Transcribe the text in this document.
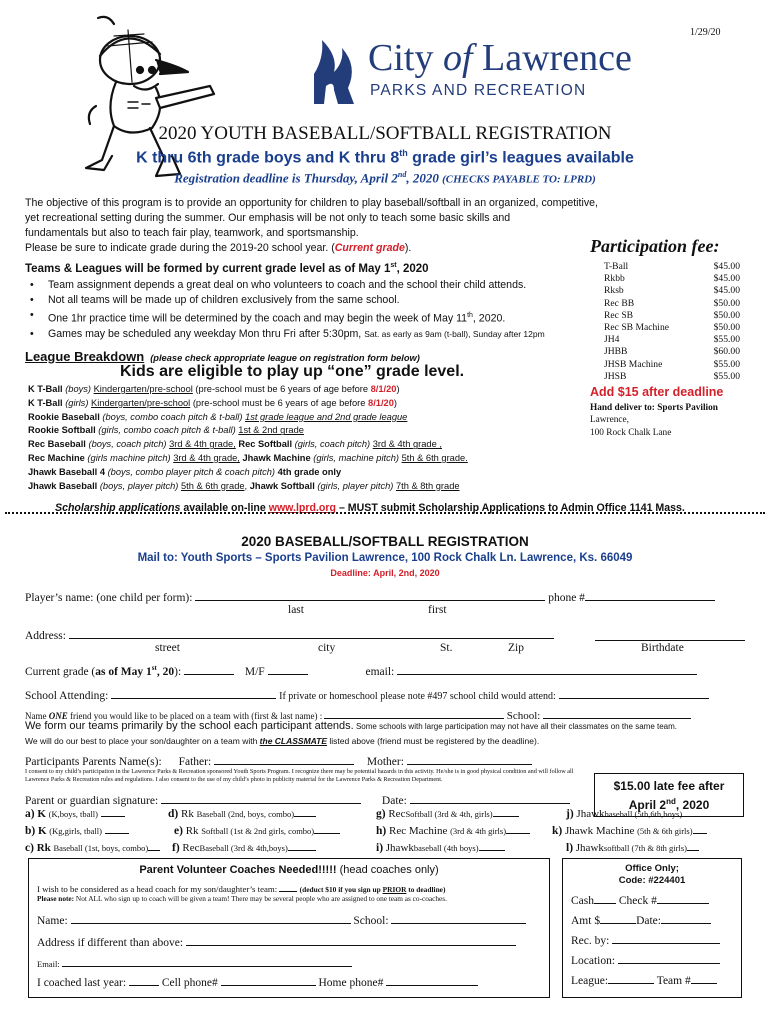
1/29/20
City of Lawrence
PARKS AND RECREATION
2020 YOUTH BASEBALL/SOFTBALL REGISTRATION
K thru 6th grade boys and K thru 8th grade girl’s leagues available
Registration deadline is Thursday, April 2nd, 2020 (CHECKS PAYABLE TO: LPRD)

The objective of this program is to provide an opportunity for children to play baseball/softball in an organized, competitive,

yet recreational setting during the summer. Our emphasis will be not only to teach some basic skills and

fundamentals but also to teach fair play, teamwork, and sportsmanship.

Please be sure to indicate grade during the 2019-20 school year. (Current grade).	Participation fee:
T-Ball	$45.00
Rkbb	$45.00
Rksb	$45.00
Rec BB	$50.00
Rec SB	$50.00
Rec SB Machine	$50.00
JH4	$55.00
JHBB	$60.00
JHSB Machine	$55.00
JHSB	$55.00
Add $15 after deadline
Hand deliver to: Sports Pavilion
Lawrence,
100 Rock Chalk Lane
Teams & Leagues will be formed by current grade level as of May 1st, 2020
• Team assignment depends a great deal on who volunteers to coach and the school their child attends.
• Not all teams will be made up of children exclusively from the same school.
• One 1hr practice time will be determined by the coach and may begin the week of May 11th, 2020.
• Games may be scheduled any weekday Mon thru Fri after 5:30pm, Sat. as early as 9am (t-ball), Sunday after 12pm
League Breakdown (please check appropriate league on registration form below)
Kids are eligible to play up “one” grade level.
K T-Ball (boys) Kindergarten/pre-school (pre-school must be 6 years of age before 8/1/20)
K T-Ball (girls) Kindergarten/pre-school (pre-school must be 6 years of age before 8/1/20)
Rookie Baseball (boys, combo coach pitch & t-ball) 1st grade league and 2nd grade league
Rookie Softball (girls, combo coach pitch & t-ball) 1st & 2nd grade
Rec Baseball (boys, coach pitch) 3rd & 4th grade, Rec Softball (girls, coach pitch) 3rd & 4th grade ,
Rec Machine (girls machine pitch) 3rd & 4th grade, Jhawk Machine (girls, machine pitch) 5th & 6th grade.
Jhawk Baseball 4 (boys, combo player pitch & coach pitch) 4th grade only
Jhawk Baseball (boys, player pitch) 5th & 6th grade, Jhawk Softball (girls, player pitch) 7th & 8th grade
Scholarship applications available on-line www.lprd.org – MUST submit Scholarship Applications to Admin Office 1141 Mass.
2020 BASEBALL/SOFTBALL REGISTRATION
Mail to: Youth Sports – Sports Pavilion Lawrence, 100 Rock Chalk Ln. Lawrence, Ks. 66049
Deadline: April, 2nd, 2020
Player’s name: (one child per form):	phone #
last	first
Address:
street	city	St.	Zip	Birthdate
Current grade (as of May 1st, 20):	M/F	email:
School Attending:	If private or homeschool please note #497 school child would attend:
Name ONE friend you would like to be placed on a team with (first & last name) :	School:
We form our teams primarily by the school each participant attends. Some schools with large participation may not have all their classmates on the same team.
We will do our best to place your son/daughter on a team with the CLASSMATE listed above (friend must be registered by the deadline).
Participants Parents Name(s): Father:	Mother:
I consent to my child’s participation in the Lawrence Parks & Recreation sponsored Youth Sports Program. I recognize there may be potential hazards in this activity. He/she is in good physical condition and will follow all
Lawrence Parks & Recreation rules and regulations. I also consent to the use of my child’s photo in publicity material for the Lawrence Parks & Recreation Department.	$15.00 late fee after
April 2nd, 2020
Parent or guardian signature:	Date:
a) K (K,boys, tball)
b) K (Kg,girls, tball)
c) Rk Baseball (1st, boys, combo)
d) Rk Baseball (2nd, boys, combo)
e) Rk Softball (1st & 2nd girls, combo)
f) RecBaseball (3rd & 4th,boys)
g) RecSoftball (3rd & 4th, girls)
h) Rec Machine (3rd & 4th girls)
i) Jhawkbaseball (4th boys)
j) Jhawkbaseball (5th,6th,boys)
k) Jhawk Machine (5th & 6th girls)
l) Jhawksoftball (7th & 8th girls)
Parent Volunteer Coaches Needed!!!!! (head coaches only)
I wish to be considered as a head coach for my son/daughter’s team:	(deduct $10 if you sign up PRIOR to deadline)
Please note: Not ALL who sign up to coach will be given a team! There may be several people who are assigned to one team as co-coaches.
Name:	School:
Address if different than above:
Email:
I coached last year:	Cell phone#	Home phone#
Office Only;
Code: #224401
Cash Check #
Amt $	Date:
Rec. by:
Location:
League:	Team #
